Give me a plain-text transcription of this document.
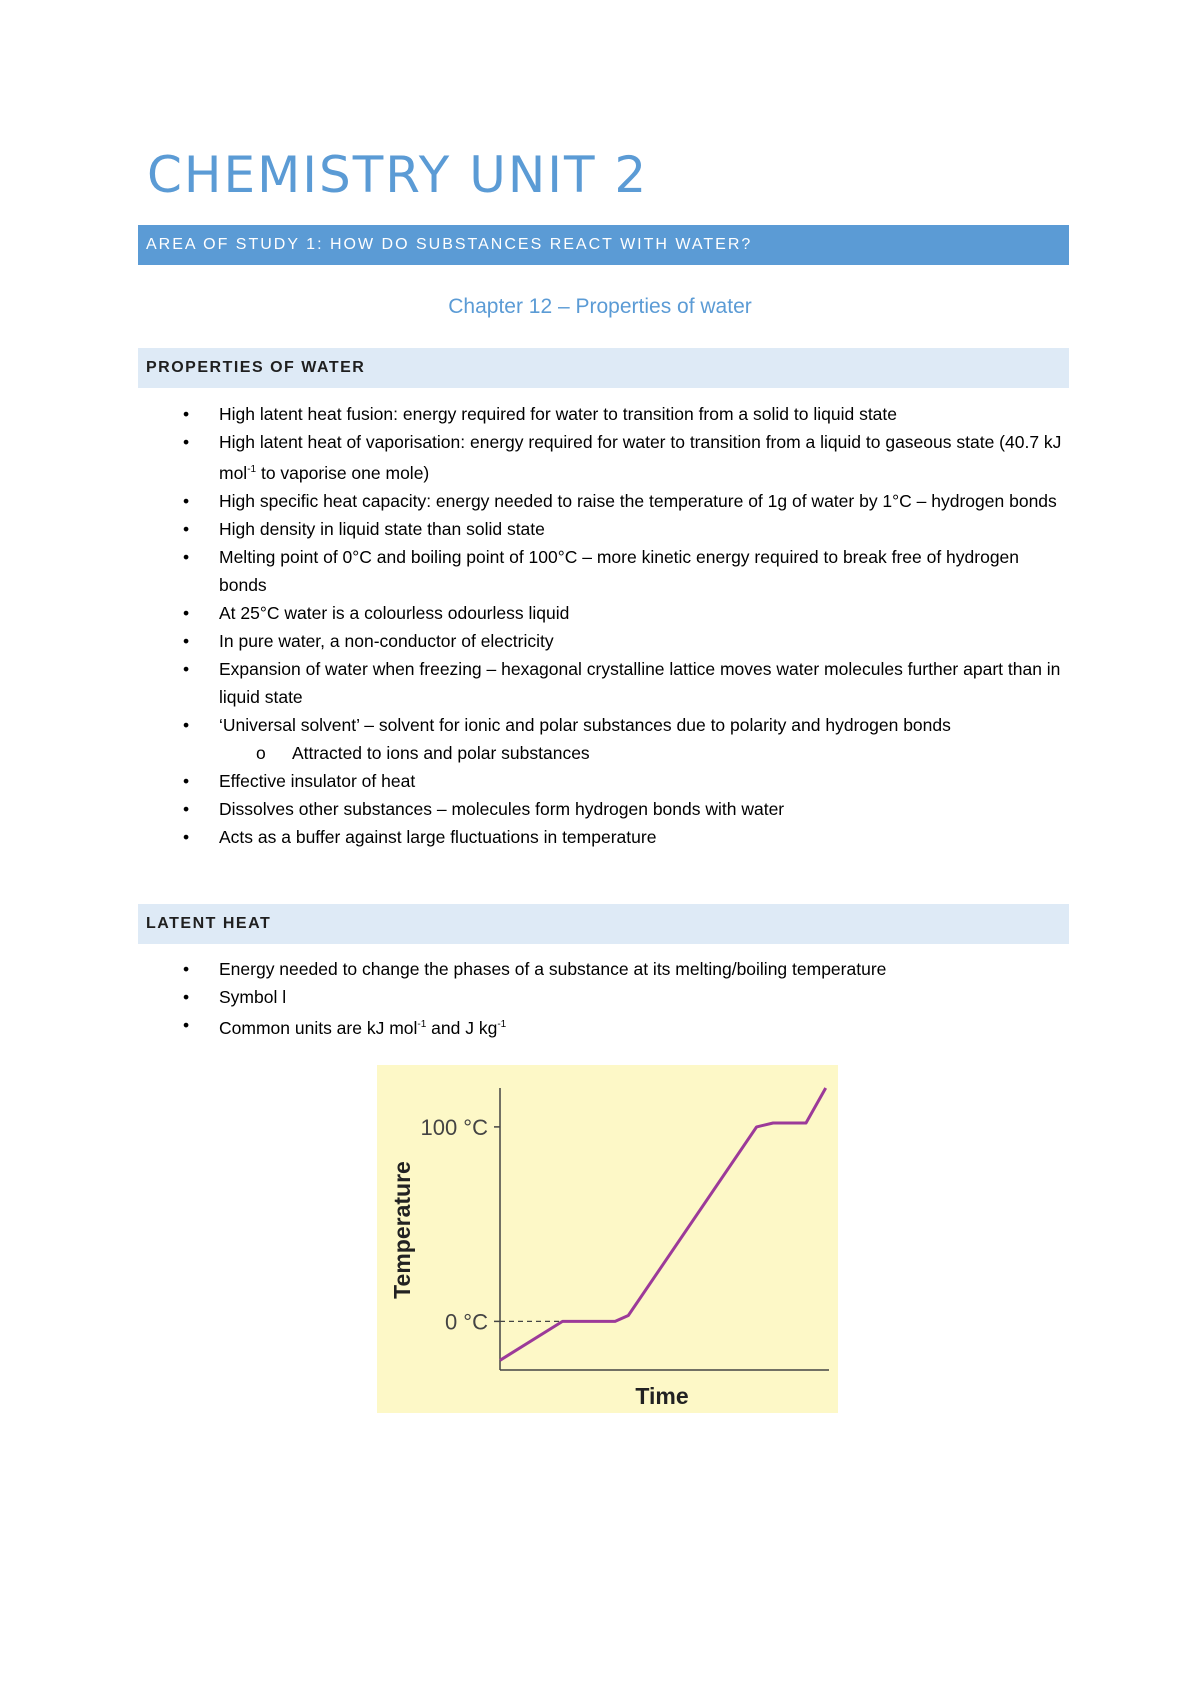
CHEMISTRY UNIT 2
AREA OF STUDY 1: HOW DO SUBSTANCES REACT WITH WATER?
Chapter 12 – Properties of water
PROPERTIES OF WATER
• High latent heat fusion: energy required for water to transition from a solid to liquid state
• High latent heat of vaporisation: energy required for water to transition from a liquid to gaseous state (40.7 kJ mol$^{-1}$ to vaporise one mole)
• High specific heat capacity: energy needed to raise the temperature of 1g of water by 1°C – hydrogen bonds
• High density in liquid state than solid state
• Melting point of 0°C and boiling point of 100°C – more kinetic energy required to break free of hydrogen bonds
• At 25°C water is a colourless odourless liquid
• In pure water, a non-conductor of electricity
• Expansion of water when freezing – hexagonal crystalline lattice moves water molecules further apart than in liquid state
• ‘Universal solvent’ – solvent for ionic and polar substances due to polarity and hydrogen bonds
o Attracted to ions and polar substances
• Effective insulator of heat
• Dissolves other substances – molecules form hydrogen bonds with water
• Acts as a buffer against large fluctuations in temperature
LATENT HEAT
• Energy needed to change the phases of a substance at its melting/boiling temperature
• Symbol l
• Common units are kJ mol$^{-1}$ and J $kg^{-1}$
0 °C
100 °C
Time
Temperature
